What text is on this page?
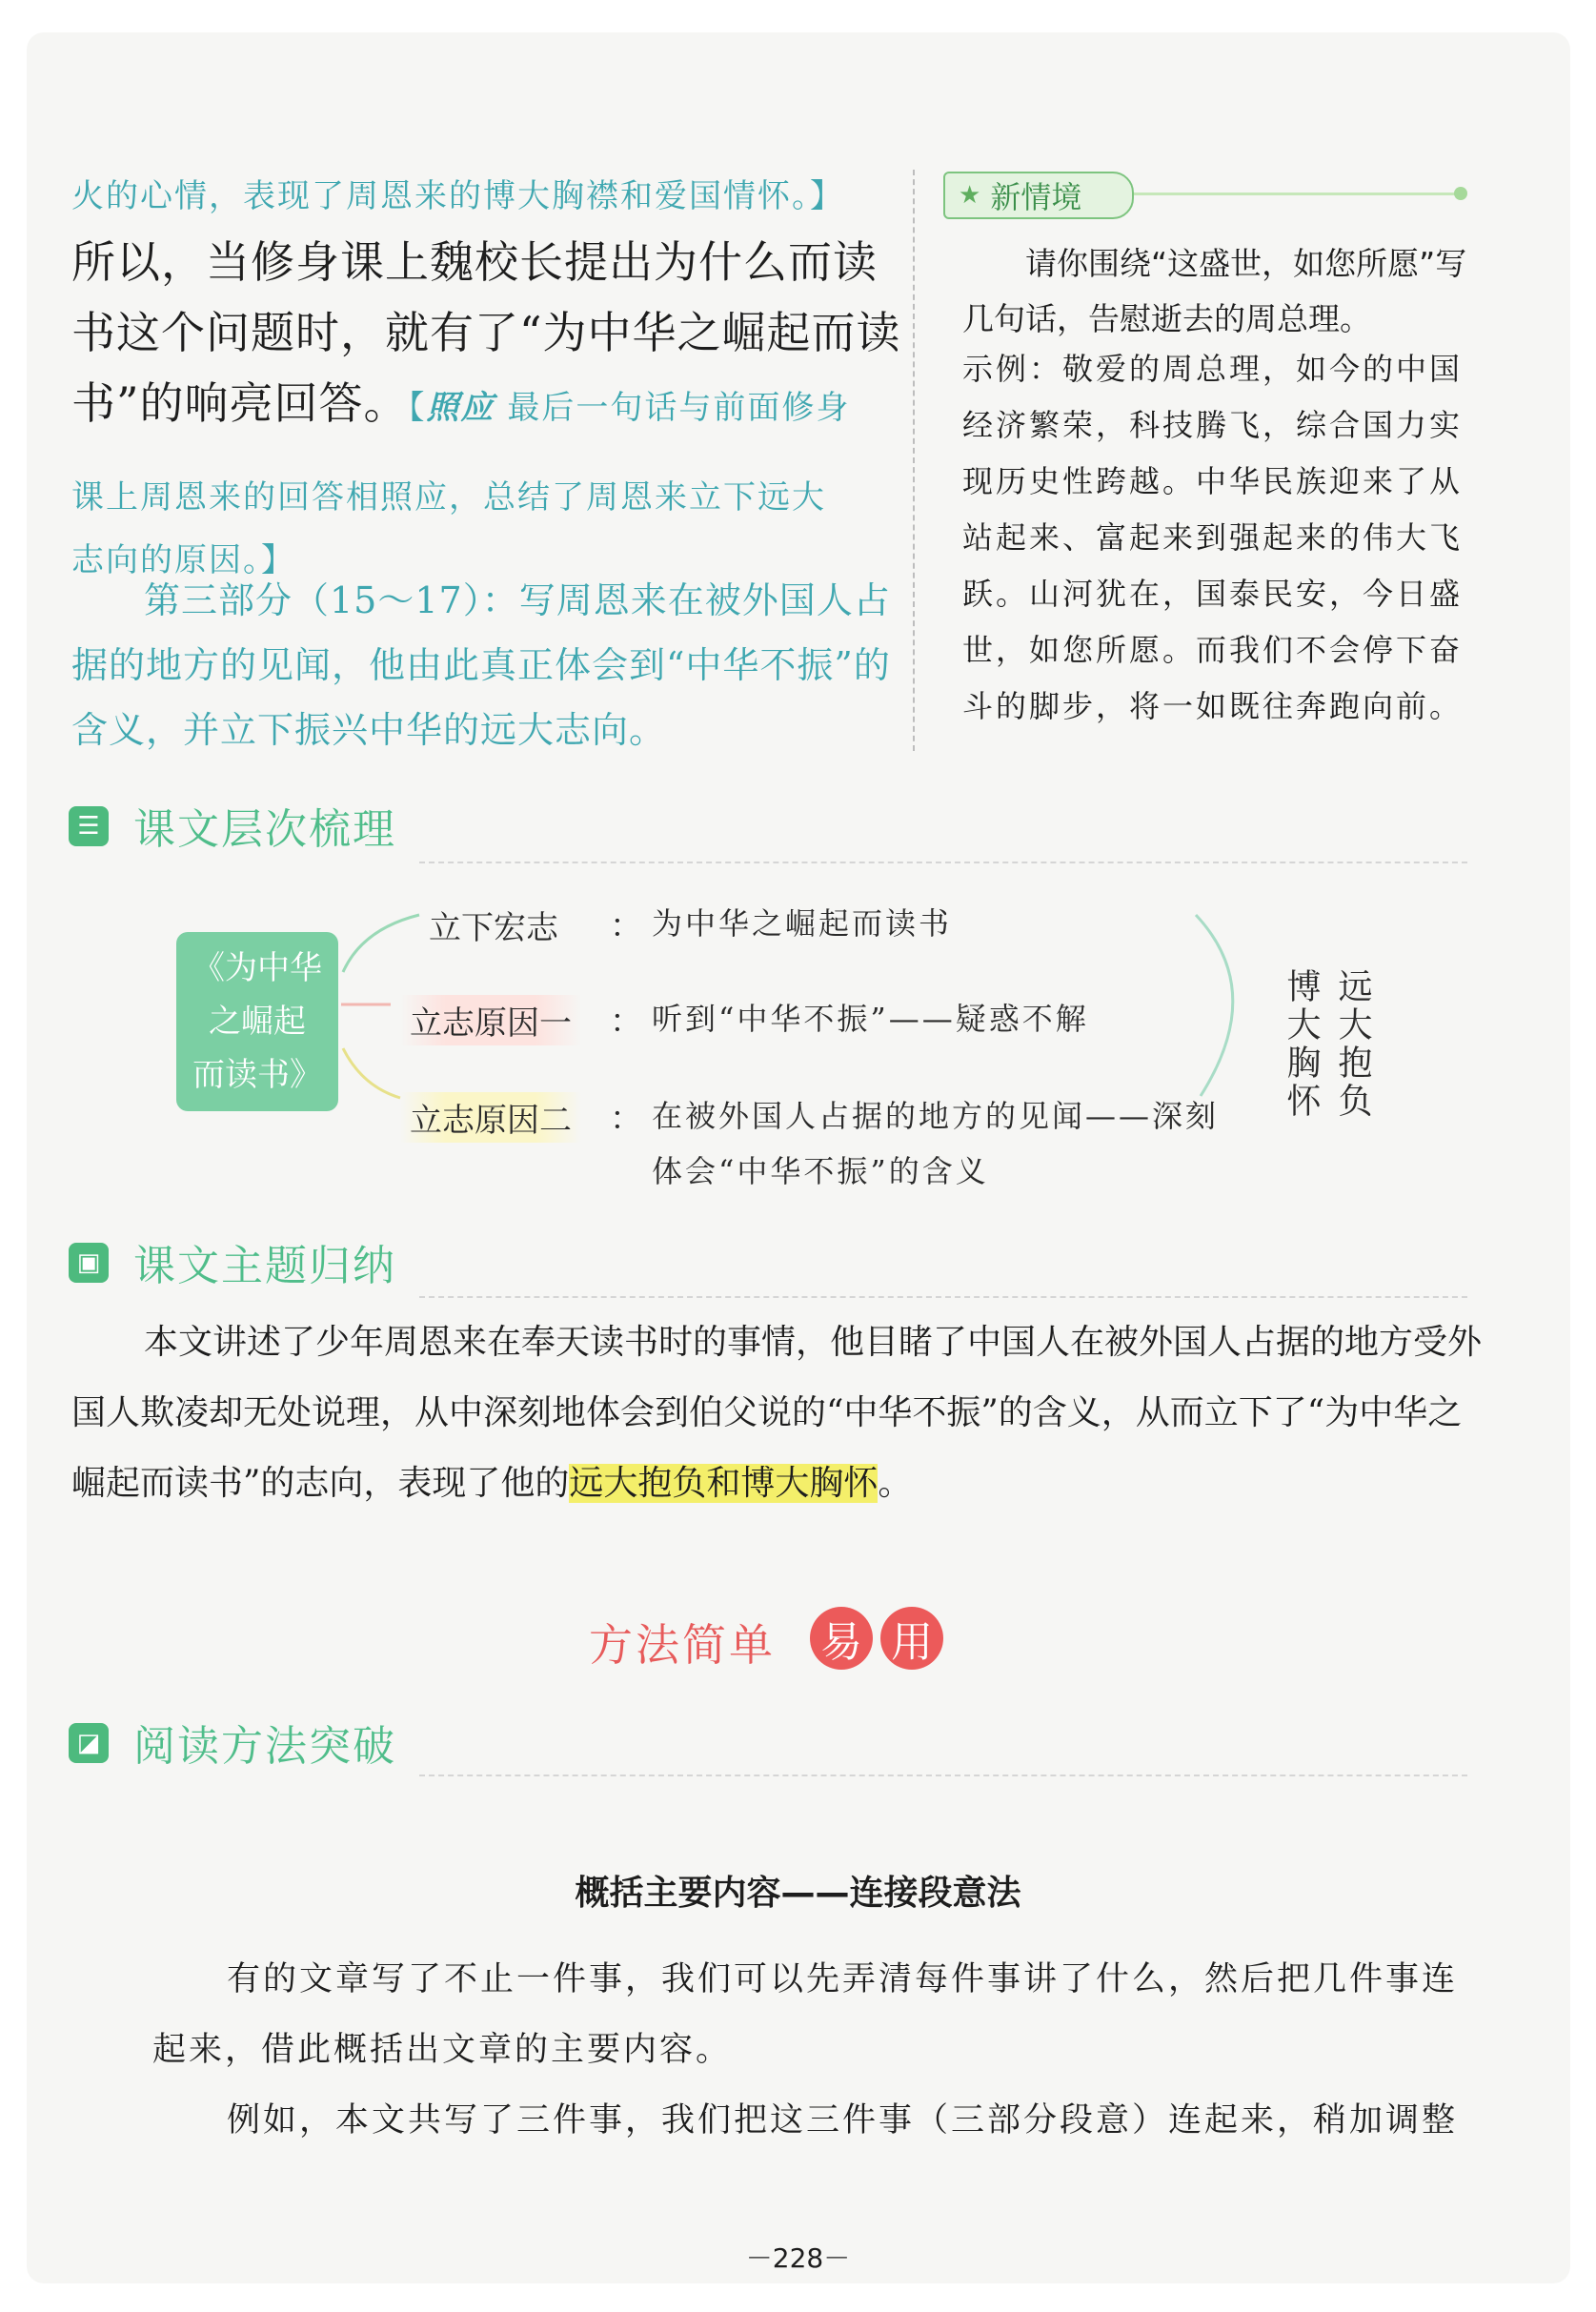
火的心情，表现了周恩来的博大胸襟和爱国情怀。】
所以，当修身课上魏校长提出为什么而读书这个问题时，就有了“为中华之崛起而读书”的响亮回答。【照应 最后一句话与前面修身
课上周恩来的回答相照应，总结了周恩来立下远大
志向的原因。】
第三部分（15～17）：写周恩来在被外国人占据的地方的见闻，他由此真正体会到“中华不振”的含义，并立下振兴中华的远大志向。
★ 新情境
请你围绕“这盛世，如您所愿”写几句话，告慰逝去的周总理。
示例：敬爱的周总理，如今的中国经济繁荣，科技腾飞，综合国力实现历史性跨越。中华民族迎来了从站起来、富起来到强起来的伟大飞跃。山河犹在，国泰民安，今日盛世，如您所愿。而我们不会停下奋斗的脚步，将一如既往奔跑向前。
☰ 课文层次梳理
《为中华
之崛起
而读书》
立下宏志 ： 为中华之崛起而读书
立志原因一 ： 听到“中华不振”——疑惑不解
立志原因二 ： 在被外国人占据的地方的见闻——深刻
体会“中华不振”的含义
博大胸怀 远大抱负
▣ 课文主题归纳
本文讲述了少年周恩来在奉天读书时的事情，他目睹了中国人在被外国人占据的地方受外国人欺凌却无处说理，从中深刻地体会到伯父说的“中华不振”的含义，从而立下了“为中华之崛起而读书”的志向，表现了他的远大抱负和博大胸怀。
方法简单 易 用
◪ 阅读方法突破
概括主要内容——连接段意法
有的文章写了不止一件事，我们可以先弄清每件事讲了什么，然后把几件事连起来，借此概括出文章的主要内容。
例如，本文共写了三件事，我们把这三件事（三部分段意）连起来，稍加调整
－228－
